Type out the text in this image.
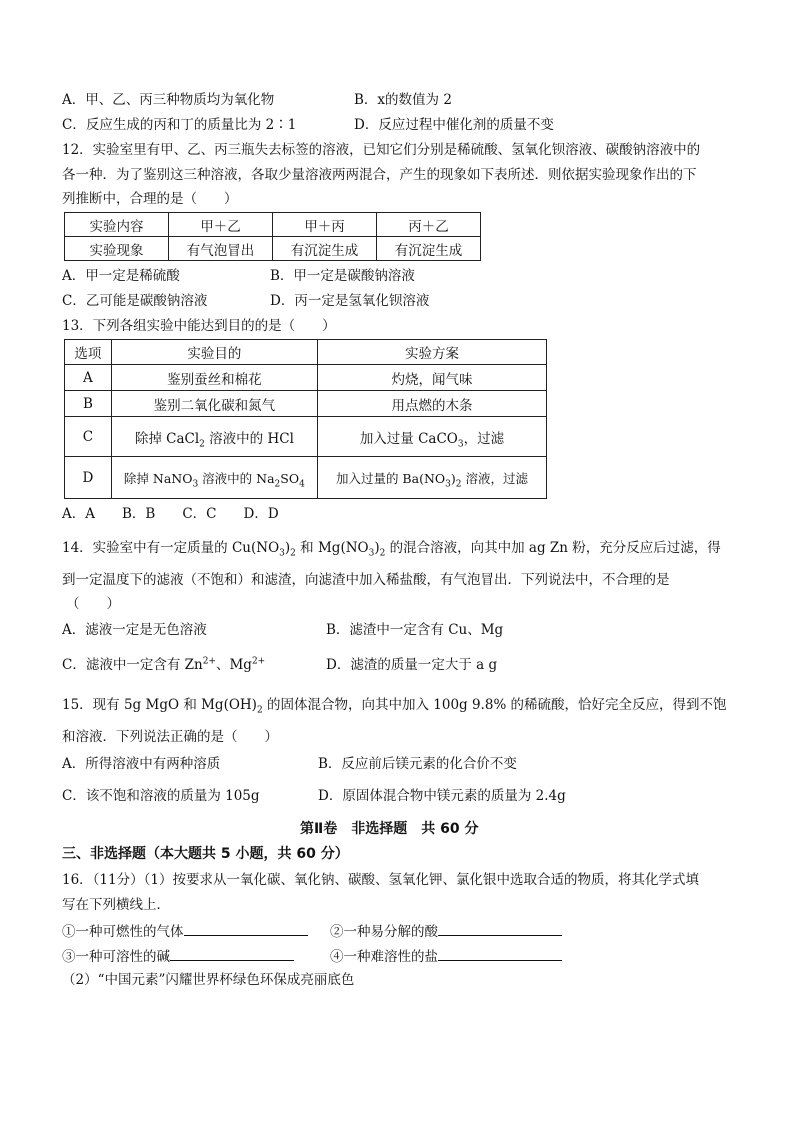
A．甲、乙、丙三种物质均为氧化物	B．x的数值为 2
C．反应生成的丙和丁的质量比为 2∶1	D．反应过程中催化剂的质量不变
12．实验室里有甲、乙、丙三瓶失去标签的溶液，已知它们分别是稀硫酸、氢氧化钡溶液、碳酸钠溶液中的
各一种．为了鉴别这三种溶液，各取少量溶液两两混合，产生的现象如下表所述．则依据实验现象作出的下
列推断中，合理的是（　　）
实验内容	甲＋乙	甲＋丙	丙＋乙
实验现象	有气泡冒出	有沉淀生成	有沉淀生成
A．甲一定是稀硫酸	B．甲一定是碳酸钠溶液
C．乙可能是碳酸钠溶液	D．丙一定是氢氧化钡溶液
13．下列各组实验中能达到目的的是（　　）
选项	实验目的	实验方案
A	鉴别蚕丝和棉花	灼烧，闻气味
B	鉴别二氧化碳和氮气	用点燃的木条
C	除掉 CaCl$_2$ 溶液中的 HCl	加入过量 CaCO$_3$，过滤
D	除掉 NaNO$_3$ 溶液中的 $Na_2SO_4$	加入过量的 $Ba(NO_3)_2$ 溶液，过滤
A．A　　B．B　　C．C　　D．D
14．实验室中有一定质量的 $Cu(NO_3)_2$ 和 $Mg(NO_3)_2$ 的混合溶液，向其中加 ag Zn 粉，充分反应后过滤，得
到一定温度下的滤液（不饱和）和滤渣，向滤渣中加入稀盐酸，有气泡冒出．下列说法中，不合理的是
（　　）
A．滤液一定是无色溶液	B．滤渣中一定含有 Cu、Mg
C．滤液中一定含有 $Zn^{2+}$、$Mg^{2+}$	D．滤渣的质量一定大于 a g
15．现有 5g MgO 和 $Mg(OH)_2$ 的固体混合物，向其中加入 100g 9.8% 的稀硫酸，恰好完全反应，得到不饱
和溶液．下列说法正确的是（　　）
A．所得溶液中有两种溶质	B．反应前后镁元素的化合价不变
C．该不饱和溶液的质量为 105g	D．原固体混合物中镁元素的质量为 2.4g
第Ⅱ卷　非选择题　共 60 分
三、非选择题（本大题共 5 小题，共 60 分）
16．（11分）（1）按要求从一氧化碳、氧化钠、碳酸、氢氧化钾、氯化银中选取合适的物质，将其化学式填
写在下列横线上．
①一种可燃性的气体	②一种易分解的酸
③一种可溶性的碱	④一种难溶性的盐
（2）“中国元素”闪耀世界杯绿色环保成亮丽底色
